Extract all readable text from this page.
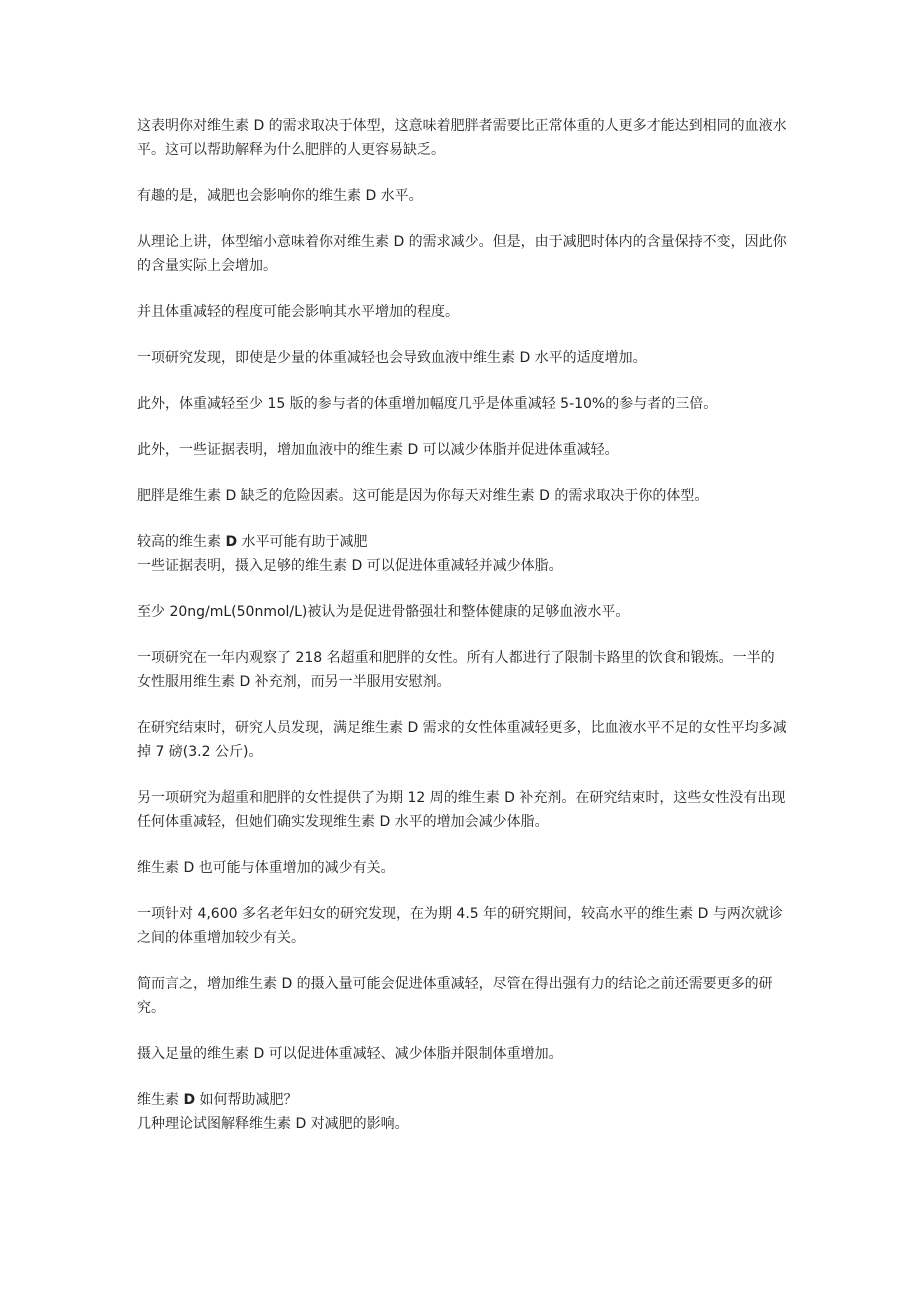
这表明你对维生素 D 的需求取决于体型，这意味着肥胖者需要比正常体重的人更多才能达到相同的血液水平。这可以帮助解释为什么肥胖的人更容易缺乏。

有趣的是，减肥也会影响你的维生素 D 水平。

从理论上讲，体型缩小意味着你对维生素 D 的需求减少。但是，由于减肥时体内的含量保持不变，因此你的含量实际上会增加。

并且体重减轻的程度可能会影响其水平增加的程度。

一项研究发现，即使是少量的体重减轻也会导致血液中维生素 D 水平的适度增加。

此外，体重减轻至少 15 版的参与者的体重增加幅度几乎是体重减轻 5-10%的参与者的三倍。

此外，一些证据表明，增加血液中的维生素 D 可以减少体脂并促进体重减轻。

肥胖是维生素 D 缺乏的危险因素。这可能是因为你每天对维生素 D 的需求取决于你的体型。

较高的维生素 D 水平可能有助于减肥

一些证据表明，摄入足够的维生素 D 可以促进体重减轻并减少体脂。

至少 20ng/mL(50nmol/L)被认为是促进骨骼强壮和整体健康的足够血液水平。

一项研究在一年内观察了 218 名超重和肥胖的女性。所有人都进行了限制卡路里的饮食和锻炼。一半的女性服用维生素 D 补充剂，而另一半服用安慰剂。

在研究结束时，研究人员发现，满足维生素 D 需求的女性体重减轻更多，比血液水平不足的女性平均多减掉 7 磅(3.2 公斤)。

另一项研究为超重和肥胖的女性提供了为期 12 周的维生素 D 补充剂。在研究结束时，这些女性没有出现任何体重减轻，但她们确实发现维生素 D 水平的增加会减少体脂。

维生素 D 也可能与体重增加的减少有关。

一项针对 4,600 多名老年妇女的研究发现，在为期 4.5 年的研究期间，较高水平的维生素 D 与两次就诊之间的体重增加较少有关。

简而言之，增加维生素 D 的摄入量可能会促进体重减轻，尽管在得出强有力的结论之前还需要更多的研究。

摄入足量的维生素 D 可以促进体重减轻、减少体脂并限制体重增加。

维生素 D 如何帮助减肥？

几种理论试图解释维生素 D 对减肥的影响。
